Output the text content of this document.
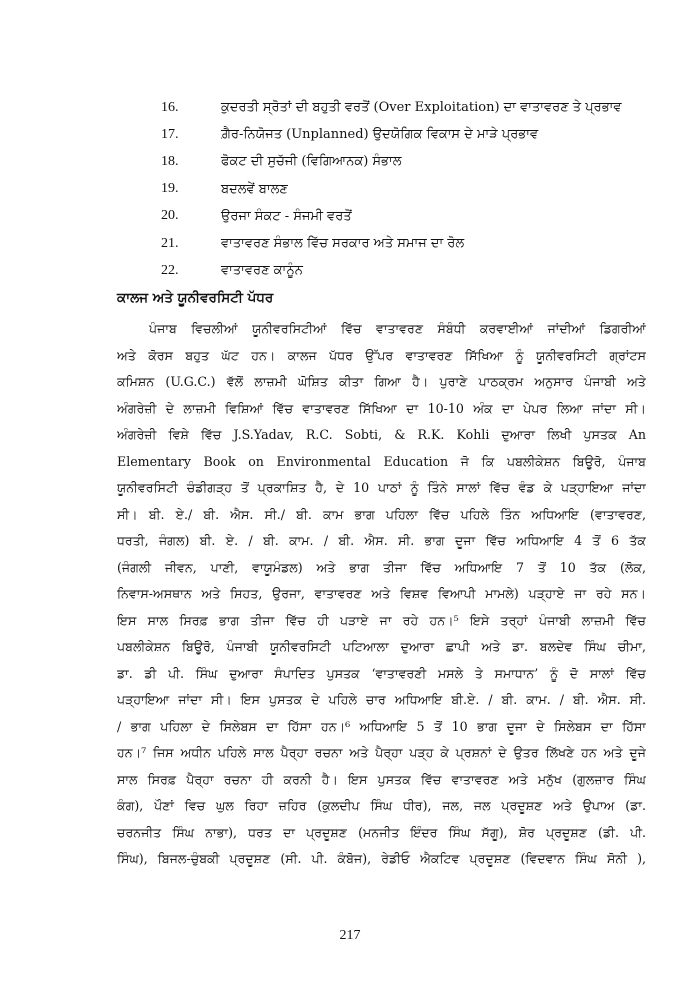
16.	ਕੁਦਰਤੀ ਸ੍ਰੋਤਾਂ ਦੀ ਬਹੁਤੀ ਵਰਤੋਂ (Over Exploitation) ਦਾ ਵਾਤਾਵਰਣ ਤੇ ਪ੍ਰਭਾਵ
17.	ਗ਼ੈਰ-ਨਿਯੋਜਤ (Unplanned) ਉਦਯੋਗਿਕ ਵਿਕਾਸ ਦੇ ਮਾੜੇ ਪ੍ਰਭਾਵ
18.	ਫੋਕਟ ਦੀ ਸੁਚੱਜੀ (ਵਿਗਿਆਨਕ) ਸੰਭਾਲ
19.	ਬਦਲਵੇਂ ਬਾਲਣ
20.	ਉਰਜਾ ਸੰਕਟ - ਸੰਜਮੀ ਵਰਤੋਂ
21.	ਵਾਤਾਵਰਣ ਸੰਭਾਲ ਵਿੱਚ ਸਰਕਾਰ ਅਤੇ ਸਮਾਜ ਦਾ ਰੋਲ
22.	ਵਾਤਾਵਰਣ ਕਾਨੂੰਨ
ਕਾਲਜ ਅਤੇ ਯੂਨੀਵਰਸਿਟੀ ਪੱਧਰ
ਪੰਜਾਬ ਵਿਚਲੀਆਂ ਯੂਨੀਵਰਸਿਟੀਆਂ ਵਿੱਚ ਵਾਤਾਵਰਣ ਸੰਬੰਧੀ ਕਰਵਾਈਆਂ ਜਾਂਦੀਆਂ ਡਿਗਰੀਆਂ
ਅਤੇ ਕੋਰਸ ਬਹੁਤ ਘੱਟ ਹਨ। ਕਾਲਜ ਪੱਧਰ ਉੱਪਰ ਵਾਤਾਵਰਣ ਸਿੱਖਿਆ ਨੂੰ ਯੂਨੀਵਰਸਿਟੀ ਗ੍ਰਾਂਟਸ
ਕਮਿਸ਼ਨ (U.G.C.) ਵੱਲੋਂ ਲਾਜ਼ਮੀ ਘੋਸ਼ਿਤ ਕੀਤਾ ਗਿਆ ਹੈ। ਪੁਰਾਣੇ ਪਾਠਕ੍ਰਮ ਅਨੁਸਾਰ ਪੰਜਾਬੀ ਅਤੇ
ਅੰਗਰੇਜ਼ੀ ਦੇ ਲਾਜ਼ਮੀ ਵਿਸ਼ਿਆਂ ਵਿੱਚ ਵਾਤਾਵਰਣ ਸਿੱਖਿਆ ਦਾ 10-10 ਅੰਕ ਦਾ ਪੇਪਰ ਲਿਆ ਜਾਂਦਾ ਸੀ।
ਅੰਗਰੇਜ਼ੀ ਵਿਸ਼ੇ ਵਿੱਚ J.S.Yadav, R.C. Sobti, & R.K. Kohli ਦੁਆਰਾ ਲਿਖੀ ਪੁਸਤਕ An
Elementary Book on Environmental Education ਜੋ ਕਿ ਪਬਲੀਕੇਸ਼ਨ ਬਿਊਰੋ, ਪੰਜਾਬ
ਯੂਨੀਵਰਸਿਟੀ ਚੰਡੀਗੜ੍ਹ ਤੋਂ ਪ੍ਰਕਾਸ਼ਿਤ ਹੈ, ਦੇ 10 ਪਾਠਾਂ ਨੂੰ ਤਿੰਨੇ ਸਾਲਾਂ ਵਿੱਚ ਵੰਡ ਕੇ ਪੜ੍ਹਾਇਆ ਜਾਂਦਾ
ਸੀ। ਬੀ. ਏ./ ਬੀ. ਐਸ. ਸੀ./ ਬੀ. ਕਾਮ ਭਾਗ ਪਹਿਲਾ ਵਿੱਚ ਪਹਿਲੇ ਤਿੰਨ ਅਧਿਆਇ (ਵਾਤਾਵਰਣ,
ਧਰਤੀ, ਜੰਗਲ) ਬੀ. ਏ. / ਬੀ. ਕਾਮ. / ਬੀ. ਐਸ. ਸੀ. ਭਾਗ ਦੂਜਾ ਵਿੱਚ ਅਧਿਆਇ 4 ਤੋਂ 6 ਤੱਕ
(ਜੰਗਲੀ ਜੀਵਨ, ਪਾਣੀ, ਵਾਯੂਮੰਡਲ) ਅਤੇ ਭਾਗ ਤੀਜਾ ਵਿੱਚ ਅਧਿਆਇ 7 ਤੋਂ 10 ਤੱਕ (ਲੋਕ,
ਨਿਵਾਸ-ਅਸਥਾਨ ਅਤੇ ਸਿਹਤ, ਉਰਜਾ, ਵਾਤਾਵਰਣ ਅਤੇ ਵਿਸ਼ਵ ਵਿਆਪੀ ਮਾਮਲੇ) ਪੜ੍ਹਾਏ ਜਾ ਰਹੇ ਸਨ।
ਇਸ ਸਾਲ ਸਿਰਫ਼ ਭਾਗ ਤੀਜਾ ਵਿੱਚ ਹੀ ਪੜਾਏ ਜਾ ਰਹੇ ਹਨ।⁵ ਇਸੇ ਤਰ੍ਹਾਂ ਪੰਜਾਬੀ ਲਾਜ਼ਮੀ ਵਿੱਚ
ਪਬਲੀਕੇਸ਼ਨ ਬਿਊਰੋ, ਪੰਜਾਬੀ ਯੂਨੀਵਰਸਿਟੀ ਪਟਿਆਲਾ ਦੁਆਰਾ ਛਾਪੀ ਅਤੇ ਡਾ. ਬਲਦੇਵ ਸਿੰਘ ਚੀਮਾ,
ਡਾ. ਡੀ ਪੀ. ਸਿੰਘ ਦੁਆਰਾ ਸੰਪਾਦਿਤ ਪੁਸਤਕ ‘ਵਾਤਾਵਰਣੀ ਮਸਲੇ ਤੇ ਸਮਾਧਾਨ’ ਨੂੰ ਦੋ ਸਾਲਾਂ ਵਿੱਚ
ਪੜ੍ਹਾਇਆ ਜਾਂਦਾ ਸੀ। ਇਸ ਪੁਸਤਕ ਦੇ ਪਹਿਲੇ ਚਾਰ ਅਧਿਆਇ ਬੀ.ਏ. / ਬੀ. ਕਾਮ. / ਬੀ. ਐਸ. ਸੀ.
/ ਭਾਗ ਪਹਿਲਾ ਦੇ ਸਿਲੇਬਸ ਦਾ ਹਿੱਸਾ ਹਨ।⁶ ਅਧਿਆਇ 5 ਤੋਂ 10 ਭਾਗ ਦੂਜਾ ਦੇ ਸਿਲੇਬਸ ਦਾ ਹਿੱਸਾ
ਹਨ।⁷ ਜਿਸ ਅਧੀਨ ਪਹਿਲੇ ਸਾਲ ਪੈਰ੍ਹਾ ਰਚਨਾ ਅਤੇ ਪੈਰ੍ਹਾ ਪੜ੍ਹ ਕੇ ਪ੍ਰਸ਼ਨਾਂ ਦੇ ਉਤਰ ਲਿੱਖਣੇ ਹਨ ਅਤੇ ਦੂਜੇ
ਸਾਲ ਸਿਰਫ਼ ਪੈਰ੍ਹਾ ਰਚਨਾ ਹੀ ਕਰਨੀ ਹੈ। ਇਸ ਪੁਸਤਕ ਵਿੱਚ ਵਾਤਾਵਰਣ ਅਤੇ ਮਨੁੱਖ (ਗੁਲਜ਼ਾਰ ਸਿੰਘ
ਕੰਗ), ਪੌਣਾਂ ਵਿਚ ਘੁਲ ਰਿਹਾ ਜ਼ਹਿਰ (ਕੁਲਦੀਪ ਸਿੰਘ ਧੀਰ), ਜਲ, ਜਲ ਪ੍ਰਦੂਸ਼ਣ ਅਤੇ ਉਪਾਅ (ਡਾ.
ਚਰਨਜੀਤ ਸਿੰਘ ਨਾਭਾ), ਧਰਤ ਦਾ ਪ੍ਰਦੂਸ਼ਣ (ਮਨਜੀਤ ਇੰਦਰ ਸਿੰਘ ਸੱਗੂ), ਸ਼ੋਰ ਪ੍ਰਦੂਸ਼ਣ (ਡੀ. ਪੀ.
ਸਿੰਘ), ਬਿਜਲ-ਚੁੰਬਕੀ ਪ੍ਰਦੂਸ਼ਣ (ਸੀ. ਪੀ. ਕੰਬੋਜ), ਰੇਡੀਓ ਐਕਟਿਵ ਪ੍ਰਦੂਸ਼ਣ (ਵਿਦਵਾਨ ਸਿੰਘ ਸੋਨੀ ),
217
